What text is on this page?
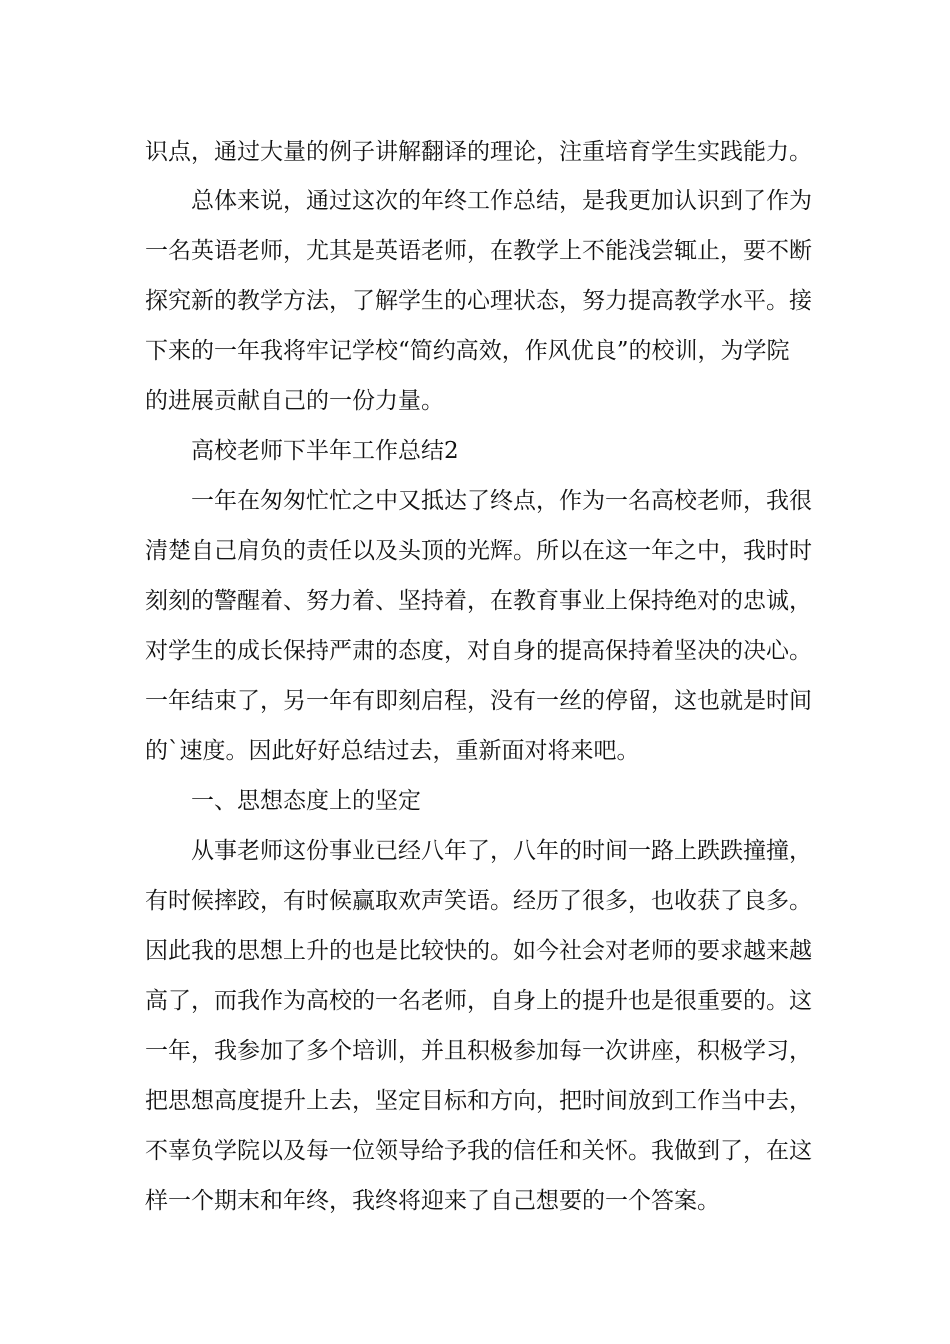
识点，通过大量的例子讲解翻译的理论，注重培育学生实践能力。
总体来说，通过这次的年终工作总结，是我更加认识到了作为
一名英语老师，尤其是英语老师，在教学上不能浅尝辄止，要不断
探究新的教学方法，了解学生的心理状态，努力提高教学水平。接
下来的一年我将牢记学校“简约高效，作风优良”的校训，为学院
的进展贡献自己的一份力量。
高校老师下半年工作总结2
一年在匆匆忙忙之中又抵达了终点，作为一名高校老师，我很
清楚自己肩负的责任以及头顶的光辉。所以在这一年之中，我时时
刻刻的警醒着、努力着、坚持着，在教育事业上保持绝对的忠诚，
对学生的成长保持严肃的态度，对自身的提高保持着坚决的决心。
一年结束了，另一年有即刻启程，没有一丝的停留，这也就是时间
的`速度。因此好好总结过去，重新面对将来吧。
一、思想态度上的坚定
从事老师这份事业已经八年了，八年的时间一路上跌跌撞撞，
有时候摔跤，有时候赢取欢声笑语。经历了很多，也收获了良多。
因此我的思想上升的也是比较快的。如今社会对老师的要求越来越
高了，而我作为高校的一名老师，自身上的提升也是很重要的。这
一年，我参加了多个培训，并且积极参加每一次讲座，积极学习，
把思想高度提升上去，坚定目标和方向，把时间放到工作当中去，
不辜负学院以及每一位领导给予我的信任和关怀。我做到了，在这
样一个期末和年终，我终将迎来了自己想要的一个答案。
